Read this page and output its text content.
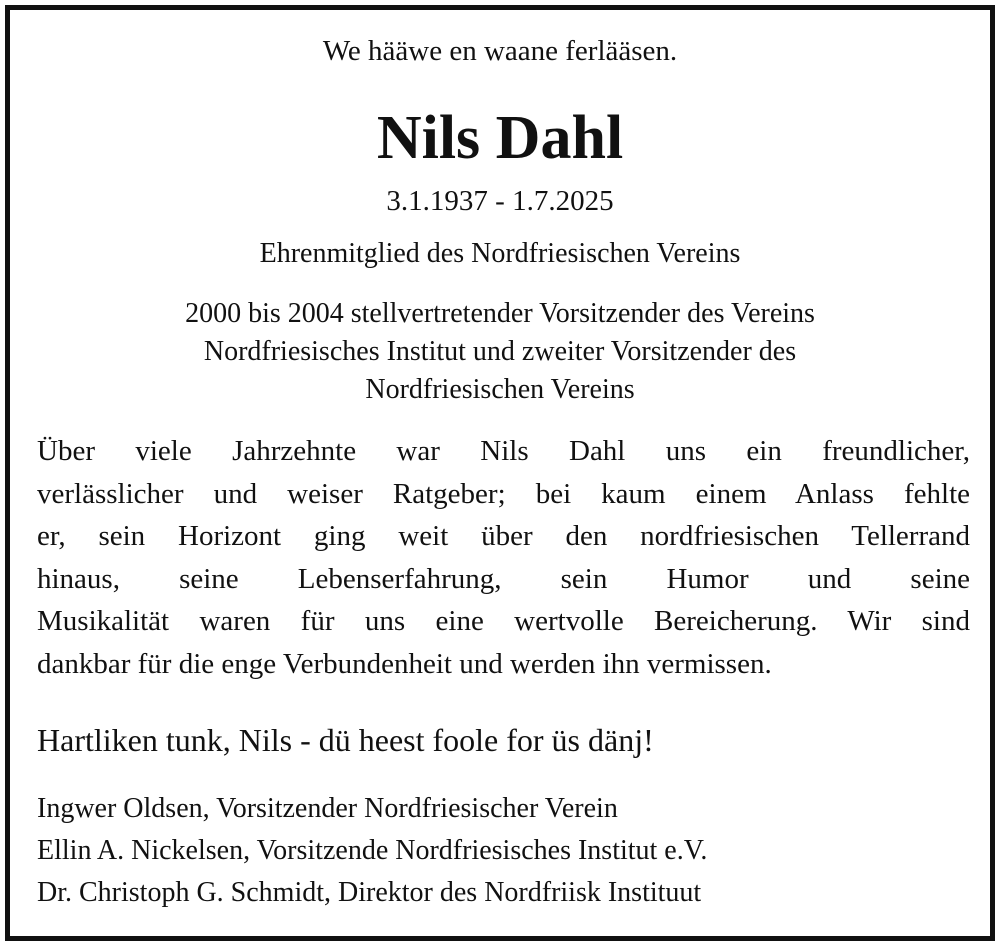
We hääwe en waane ferlääsen.
Nils Dahl
3.1.1937 - 1.7.2025
Ehrenmitglied des Nordfriesischen Vereins
2000 bis 2004 stellvertretender Vorsitzender des Vereins
Nordfriesisches Institut und zweiter Vorsitzender des
Nordfriesischen Vereins
Über viele Jahrzehnte war Nils Dahl uns ein freundlicher,
verlässlicher und weiser Ratgeber; bei kaum einem Anlass fehlte
er, sein Horizont ging weit über den nordfriesischen Tellerrand
hinaus, seine Lebenserfahrung, sein Humor und seine
Musikalität waren für uns eine wertvolle Bereicherung. Wir sind
dankbar für die enge Verbundenheit und werden ihn vermissen.
Hartliken tunk, Nils - dü heest foole for üs dänj!
Ingwer Oldsen, Vorsitzender Nordfriesischer Verein
Ellin A. Nickelsen, Vorsitzende Nordfriesisches Institut e.V.
Dr. Christoph G. Schmidt, Direktor des Nordfriisk Instituut
